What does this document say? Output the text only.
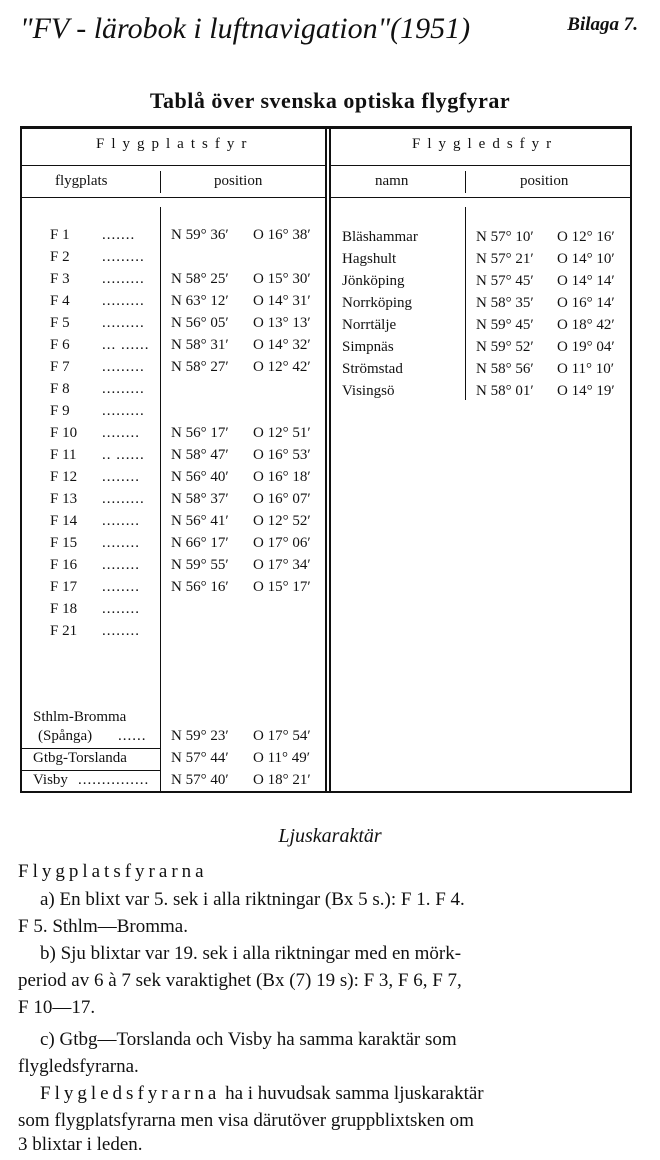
"FV - lärobok i luftnavigation"(1951)	Bilaga 7.
Tablå över svenska optiska flygfyrar
Flygplatsfyr	Flygledsfyr
flygplats	position	namn	position
F 1 ....... N 59° 36′ O 16° 38′
F 2 .........
F 3 ......... N 58° 25′ O 15° 30′
F 4 ......... N 63° 12′ O 14° 31′
F 5 ......... N 56° 05′ O 13° 13′
F 6 ... ...... N 58° 31′ O 14° 32′
F 7 ......... N 58° 27′ O 12° 42′
F 8 .........
F 9 .........
F 10 ........ N 56° 17′ O 12° 51′
F 11 .. ...... N 58° 47′ O 16° 53′
F 12 ........ N 56° 40′ O 16° 18′
F 13 ......... N 58° 37′ O 16° 07′
F 14 ........ N 56° 41′ O 12° 52′
F 15 ........ N 66° 17′ O 17° 06′
F 16 ........ N 59° 55′ O 17° 34′
F 17 ........ N 56° 16′ O 15° 17′
F 18 ........
F 21 ........
Sthlm-Bromma
(Spånga) ...... N 59° 23′ O 17° 54′
Gtbg-Torslanda	N 57° 44′ O 11° 49′
Visby ............... N 57° 40′ O 18° 21′
Bläshammar	N 57° 10′ O 12° 16′
Hagshult	N 57° 21′ O 14° 10′
Jönköping	N 57° 45′ O 14° 14′
Norrköping	N 58° 35′ O 16° 14′
Norrtälje	N 59° 45′ O 18° 42′
Simpnäs	N 59° 52′ O 19° 04′
Strömstad	N 58° 56′ O 11° 10′
Visingsö	N 58° 01′ O 14° 19′
Ljuskaraktär
Flygplatsfyrarna
a) En blixt var 5. sek i alla riktningar (Bx 5 s.): F 1. F 4.
F 5. Sthlm—Bromma.
b) Sju blixtar var 19. sek i alla riktningar med en mörk-
period av 6 à 7 sek varaktighet (Bx (7) 19 s): F 3, F 6, F 7,
F 10—17.
c) Gtbg—Torslanda och Visby ha samma karaktär som
flygledsfyrarna.
Flygledsfyrarna ha i huvudsak samma ljuskaraktär
som flygplatsfyrarna men visa därutöver gruppblixtsken om
3 blixtar i leden.
